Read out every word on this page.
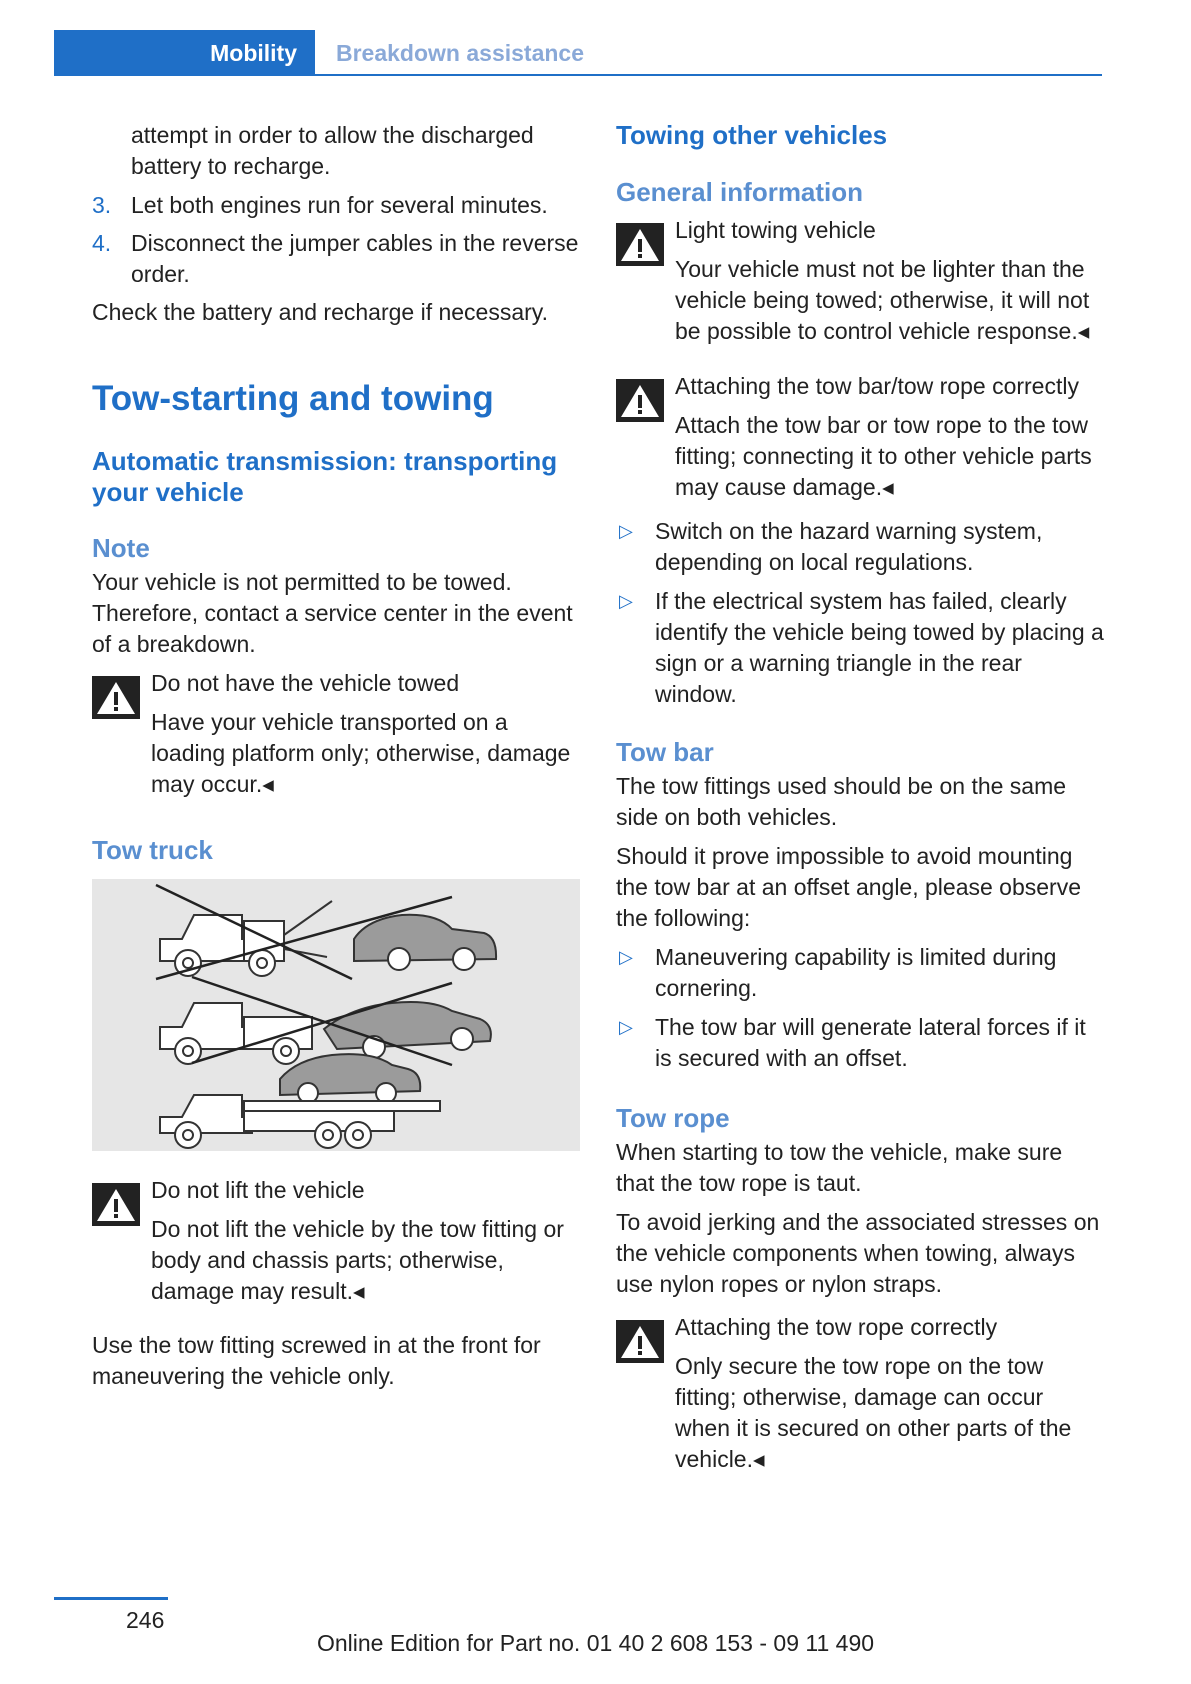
Mobility	Breakdown assistance
attempt in order to allow the discharged battery to recharge.
3. Let both engines run for several minutes.
4. Disconnect the jumper cables in the reverse order.
Check the battery and recharge if necessary.
Tow-starting and towing
Automatic transmission: transporting your vehicle
Note
Your vehicle is not permitted to be towed. Therefore, contact a service center in the event of a breakdown.
Do not have the vehicle towed
Have your vehicle transported on a loading platform only; otherwise, damage may occur.◂
Tow truck
Do not lift the vehicle
Do not lift the vehicle by the tow fitting or body and chassis parts; otherwise, damage may result.◂
Use the tow fitting screwed in at the front for maneuvering the vehicle only.
Towing other vehicles
General information
Light towing vehicle
Your vehicle must not be lighter than the vehicle being towed; otherwise, it will not be possible to control vehicle response.◂
Attaching the tow bar/tow rope correctly
Attach the tow bar or tow rope to the tow fitting; connecting it to other vehicle parts may cause damage.◂
▷ Switch on the hazard warning system, depending on local regulations.
▷ If the electrical system has failed, clearly identify the vehicle being towed by placing a sign or a warning triangle in the rear window.
Tow bar
The tow fittings used should be on the same side on both vehicles.
Should it prove impossible to avoid mounting the tow bar at an offset angle, please observe the following:
▷ Maneuvering capability is limited during cornering.
▷ The tow bar will generate lateral forces if it is secured with an offset.
Tow rope
When starting to tow the vehicle, make sure that the tow rope is taut.
To avoid jerking and the associated stresses on the vehicle components when towing, always use nylon ropes or nylon straps.
Attaching the tow rope correctly
Only secure the tow rope on the tow fitting; otherwise, damage can occur when it is secured on other parts of the vehicle.◂
246
Online Edition for Part no. 01 40 2 608 153 - 09 11 490
